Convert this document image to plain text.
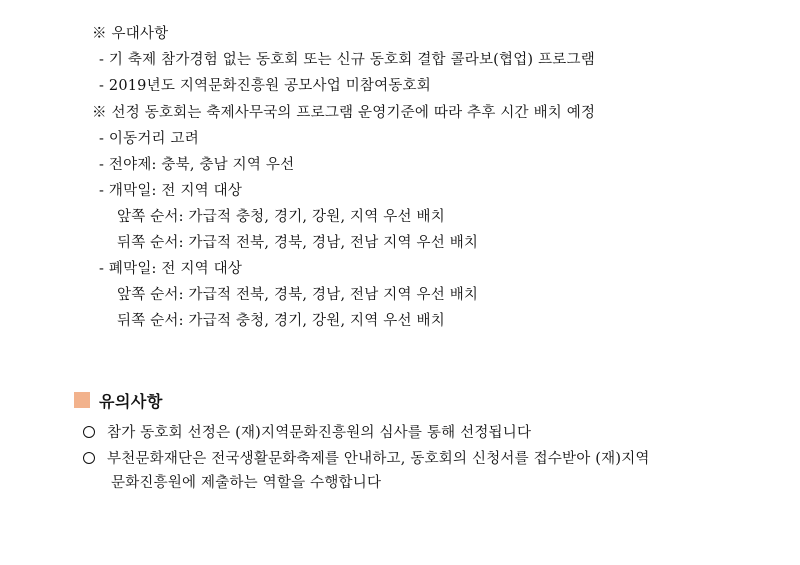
※ 우대사항
- 기 축제 참가경험 없는 동호회 또는 신규 동호회 결합 콜라보(협업) 프로그램
- 2019년도 지역문화진흥원 공모사업 미참여동호회
※ 선정 동호회는 축제사무국의 프로그램 운영기준에 따라 추후 시간 배치 예정
- 이동거리 고려
- 전야제: 충북, 충남 지역 우선
- 개막일: 전 지역 대상
앞쪽 순서: 가급적 충청, 경기, 강원, 지역 우선 배치
뒤쪽 순서: 가급적 전북, 경북, 경남, 전남 지역 우선 배치
- 폐막일: 전 지역 대상
앞쪽 순서: 가급적 전북, 경북, 경남, 전남 지역 우선 배치
뒤쪽 순서: 가급적 충청, 경기, 강원, 지역 우선 배치
유의사항
참가 동호회 선정은 (재)지역문화진흥원의 심사를 통해 선정됩니다
부천문화재단은 전국생활문화축제를 안내하고, 동호회의 신청서를 접수받아 (재)지역
문화진흥원에 제출하는 역할을 수행합니다
